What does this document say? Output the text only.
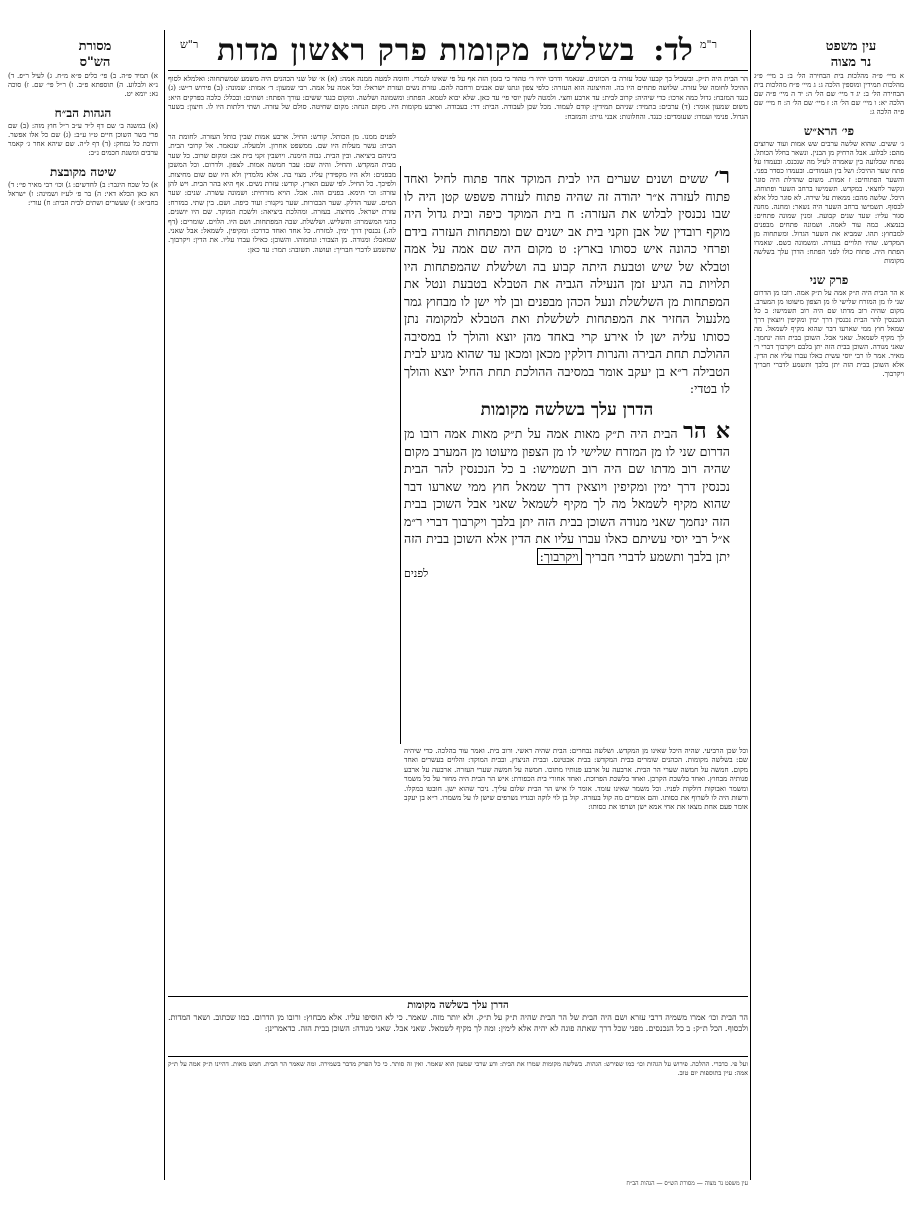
עין משפט
נר מצוה
מסורת
הש"ס	לד:
בשלשה מקומות פרק ראשון מדות
ר"ש	ר"מ
א מיי׳ פ״ה מהלכות בית הבחירה הל׳ ב: ב מיי׳ פ״ג מהלכות תמידין ומוספין הלכה ג: ג מיי׳ פ״ח מהלכות בית הבחירה הל׳ ב: יג ד מיי׳ שם הל׳ ה: יד ה מיי׳ פ״ה שם הלכה יא: ו מיי׳ שם הל׳ ה: ז מיי׳ שם הל׳ ה: ח מיי׳ שם פ״ה הלכה ג:
פי׳ הרא״ש
ג׳ ששים. שהוא שלשה ערבים שש אמות ועוד שרוצים מהם: לבלוע. אבל הרחיק מן הבנין. ונשאר בחלל הכותל. נפתח שבלועה בין שאמרה לעיל מה שנכנס. ובעמדו על פתח שער ההיכל: ושל בין העמודים. ובעמדו כסדר בפני. והשער הפתוחים: ז אמות. משום שהדלת היה סוגר ונקשר לחצאי. במקדש. תשמישו ברחב השער ופתוחה. היכל. שלשה מהם: ממאות על שירה. לא סוגר כלל אלא לבסוף. תשמישו ברחב השער היה נשאר: ומחנה. מחנה סגור עליו: שעד שנים קבועה. ומנין שמונה פתחים: בנמצא. כמה עוד לאמה. ושמונה פתחים מבפנים למבחוץ: תהו. שמביא את השער הגדול. ומשתחוה מן המקדש. שהיו תלויים בעזרה. ומשמונה כשם. שאמרו הפתח היה. פתוח כולו לפני הפתח: הדרן עלך בשלשה מקומות
פרק שני
א הר הבית היה ת״ק אמה על ת״ק אמה. רובו מן הדרום שני לו מן המזרח שלישי לו מן הצפון מיעוטו מן המערב. מקום שהיה רוב מדתו שם היה רוב תשמישו: ב כל הנכנסין להר הבית נכנסין דרך ימין ומקיפין ויוצאין דרך שמאל חוץ ממי שארעו דבר שהוא מקיף לשמאל. מה לך מקיף לשמאל. שאני אבל. השוכן בבית הזה ינחמך. שאני מנודה. השוכן בבית הזה יתן בלבם ויקרבוך דברי ר׳ מאיר. אמר לו רבי יוסי עשית כאלו עברו עליו את הדין. אלא השוכן בבית הזה יתן בלבך ותשמע לדברי חבריך ויקרבוך.
א) תמיד פ״ה. ב) פי׳ כלים פ״א מ״ח. ג) לעיל ר״פ. ד) נ״א ולבלוע. ה) תוספתא פ״ב. ו) ר״ל פי׳ שם. ז) סוכה נא: יומא יט.
הגהות הב״ח
(א) במשנה ב׳ שם דף ל״ד ע״ב ר״ל חוץ מזה: (ב) שם פרי בשר השוכן חיים ט״ו ע״ב: (ג) שם כל אלו אפשר. ותיבת כל נמחק: (ד) דף ל״ה. שם שיהא אחר ג׳ קאמר ערבים ומשנת חכמים נ״ב:
שיטה מקובצת
א) כל שכח היגבר: ב) לחדשים: ג) וכו׳ רבי מאיר פי׳: ד) הא כאן הכלא דאי: ה) בר פ׳ לע״ז ושמינה: ו) ישראל בחב״א: ז) שעשרים ושתים לבית הבית: ח) עורי:
הר הבית היה ת״ק. ובשביל כך קבעו שכל עזרה ב׳ הכוונים. שנאמר ודרכו יהיו ר׳ טהור כי בזמן הזה אף על פי שאינו לגמרי. וחומה למטה ממנה אמה: (א) א׳ של שני הכהנים היה משמע שמשתחוה: ואלמלא לסוף ההיכל לחומה של עזרה. שלושה פתחים היו בה. והחיצונה הוא העזרה: כלפי צפון ונתנו שם אבנים ורחבה להם. עזרת נשים ועזרת ישראל: וכל אמה על אמה. רבי שמעון: ד׳ אמות: שמונה: (ב) פירוש ר״ש: (ג) כנגד המזבח: גדול כמה ארכו: כדי שיהיה: קרוב לבית: עד ארבע וחצי. ולמטה לשון יוסי פי׳ עד כאן. שלא יבוא לטמא. הפתח: ומשמונה ושלשה. ומקום כנגד ששים: עורך הפתח: ושתים: ובכלל: כלכה בפרקים היא: משום שמעון אומר: (ד) ערבים: בתמיד: שניהם תמידין: קודם לעמוד. מכל שכן לעבודה. הבית: דר: בעבודה. וארבע מקומות היו. מקום הנחה: מקום שחיטה. סולם של עזרה. ושתי דלתות היו לו. חיצון: בשער הגדול. פנימי ועמדו: שעומדים: כנגד. והחלונות: אבני גזית: והמזבח:
לפנים ממנו. מן הכותל. קודש: החיל. ארבע אמות שבין כותל העזרה. לחומת הר הבית: עשר מעלות היו שם. ממשפט אחרון. ולמעלה. שנאמר. אל קרובי הבית. ביניהם ביציאה. ובין הבית. גבוה הימנה. ויושבין זקני בית אב: ומקום שרוב. כל שער מבית המקדש. והחיל. והיה שם: עבר חמשה אמות. לצפון. ולדרום. וכל המשכן מבפנים: ולא היו מקפידין עליו. מצוי בה. אלא מלמדין ולא היו שם שום מחיצות. ולפיכך. כל החיל. לפי שעם הארץ. קודש: עזרת נשים. אף היא בהר הבית. ויש להן עזרה: וכי תימא. בפנים הוה. אבל. הויא מזרחית: ושמונה עשרה. שנים: שער המים. שער הדלק. שער הבכורות. שער ניקנור: ועוד כיפה. ושם. בין שתי. במזרח: עזרת ישראל. מחיצה. בעזרה. ומהלכת ביציאה: ולשכת המוקד. שם היו יושנים. כהני המשמרה: והשליש. ושלשלת. שבה המפתחות. ושם היו. הלוים. שומרים: (דף לה.) נכנסין דרך ימין. למזרח. כל אחד ואחד כדרכו: ומקיפין. לשמאל: אבל שאני. שמאבל: ומנודה. מן הצבור: ונחמוהו. והשוכן: כאילו עברו עליו. את הדין: ויקרבוך. שתשמע לדברי חבריך: ועושה. תשובה: תמר: עד כאן:

ר׳ ששים ושנים שערים היו לבית המוקד אחד פתוח לחיל ואחד פתוח לעזרה א״ר יהודה זה שהיה פתוח לעזרה פשפש קטן היה לו שבו נכנסין לבלוש את העזרה: ח בית המוקד כיפה ובית גדול היה מוקף רובדין של אבן וזקני בית אב ישנים שם ומפתחות העזרה בידם ופרחי כהונה איש כסותו בארץ: ט מקום היה שם אמה על אמה וטבלא של שיש וטבעת היתה קבוע בה ושלשלת שהמפתחות היו תלויות בה הגיע זמן הנעילה הגביה את הטבלא בטבעת ונטל את המפתחות מן השלשלת ונעל הכהן מבפנים ובן לוי ישן לו מבחוץ גמר מלנעול החזיר את המפתחות לשלשלת ואת הטבלא למקומה נתן כסותו עליה ישן לו אירע קרי באחד מהן יוצא והולך לו במסיבה ההולכת תחת הבירה והנרות דולקין מכאן ומכאן עד שהוא מגיע לבית הטבילה ר״א בן יעקב אומר במסיבה ההולכת תחת החיל יוצא והולך לו בטדי:

הדרן עלך בשלשה מקומות

א הר הבית היה ת״ק מאות אמה על ת״ק מאות אמה רובו מן הדרום שני לו מן המזרח שלישי לו מן הצפון מיעוטו מן המערב מקום שהיה רוב מדתו שם היה רוב תשמישו: ב כל הנכנסין להר הבית נכנסין דרך ימין ומקיפין ויוצאין דרך שמאל חוץ ממי שארעו דבר שהוא מקיף לשמאל מה לך מקיף לשמאל שאני אבל השוכן בבית הזה ינחמך שאני מנודה השוכן בבית הזה יתן בלבך ויקרבוך דברי ר״מ א״ל רבי יוסי עשיתם כאלו עברו עליו את הדין אלא השוכן בבית הזה יתן בלבך ותשמע לדברי חבריך ויקרבוך:

לפנים
וכל שכן הרביעי. שהיה היכל שאינו מן המקדש. ושלשה נבחרים: הבית שהיה ראשי. ורוב בית. ואמר עוד בהלכה. כדי שיהיה שם: בשלשה מקומות. הכהנים שומרים בבית המקדש: בבית אבטינס. ובבית הניצוץ. ובבית המוקד: והלוים בעשרים ואחד מקום. חמשה על חמשה שערי הר הבית. ארבעה על ארבע פנותיו מתוכו. חמשה על חמשה שערי העזרה. ארבעה על ארבע פנותיה מבחוץ. ואחד בלשכת הקרבן. ואחד בלשכת הפרוכת. ואחד אחורי בית הכפורת: איש הר הבית היה מחזר על כל משמר ומשמר ואבוקות דולקות לפניו. וכל משמר שאינו עומד. אומר לו איש הר הבית שלום עליך. ניכר שהוא ישן. חובטו במקלו. ורשות היה לו לשרוף את כסותו. והם אומרים מה קול בעזרה. קול בן לוי לוקה ובגדיו נשרפים שישן לו על משמרו. ר״א בן יעקב אומר פעם אחת מצאו את אחי אמא ישן ושרפו את כסותו:
הדרן עלך בשלשה מקומות
הר הבית וכו׳ אמרו משמיה דרבי עזרא ושם היה הבית של הר הבית שהיה ת״ק על ת״ק. ולא יותר מזה. שאמר. כי לא הוסיפו עליו. אלא מבחוץ: ורובו מן הדרום. כמו שכתוב. ושאר המדות. ולבסוף. הכל ת״ק: ב כל הנכנסים. מפני שכל דרך שאתה פונה לא יהיה אלא לימין: ומה לך מקיף לשמאל. שאני אבל. שאני מנודה: השוכן בבית הזה. כדאמרינן:
ועל פי. כדברי. ההלכה. פירוש על הגהות וכו׳ כמו שפירש: הגהות. בשלשה מקומות שמרו את הבית: ודע שרבי שמעון הוא שאמר. ואין זה סותר. כי כל הפרק מדבר בשמירה. ומה שאמר הר הבית. חמש מאות. דהיינו ת״ק אמה על ת״ק אמה: עיין בתוספות יום טוב.
עין משפט נר מצוה — מסורת הש״ס — הגהות הב״ח
